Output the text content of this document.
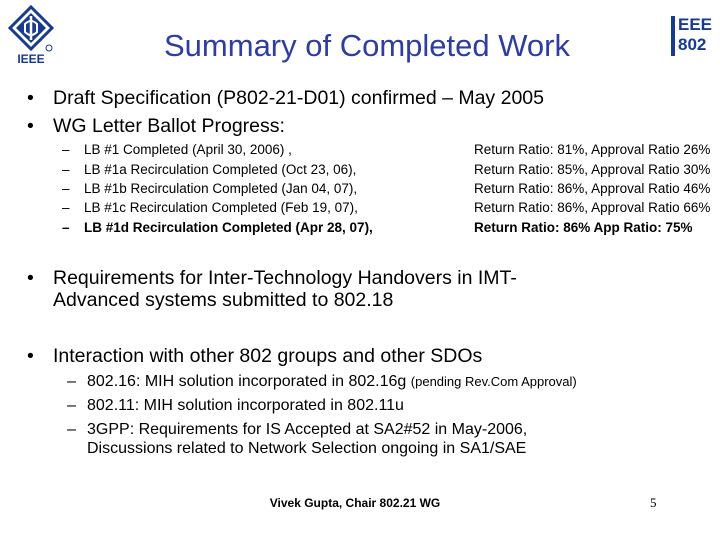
IEEE
EEE
802
Summary of Completed Work
• Draft Specification (P802-21-D01) confirmed – May 2005
• WG Letter Ballot Progress:
– LB #1 Completed (April 30, 2006) ,	Return Ratio: 81%, Approval Ratio 26%
– LB #1a Recirculation Completed (Oct 23, 06),	Return Ratio: 85%, Approval Ratio 30%
– LB #1b Recirculation Completed (Jan 04, 07),	Return Ratio: 86%, Approval Ratio 46%
– LB #1c Recirculation Completed (Feb 19, 07),	Return Ratio: 86%, Approval Ratio 66%
– LB #1d Recirculation Completed (Apr 28, 07),	Return Ratio: 86% App Ratio: 75%
• Requirements for Inter-Technology Handovers in IMT-
Advanced systems submitted to 802.18
• Interaction with other 802 groups and other SDOs
– 802.16: MIH solution incorporated in 802.16g (pending Rev.Com Approval)
– 802.11: MIH solution incorporated in 802.11u
– 3GPP: Requirements for IS Accepted at SA2#52 in May-2006,
Discussions related to Network Selection ongoing in SA1/SAE
Vivek Gupta, Chair 802.21 WG	5
